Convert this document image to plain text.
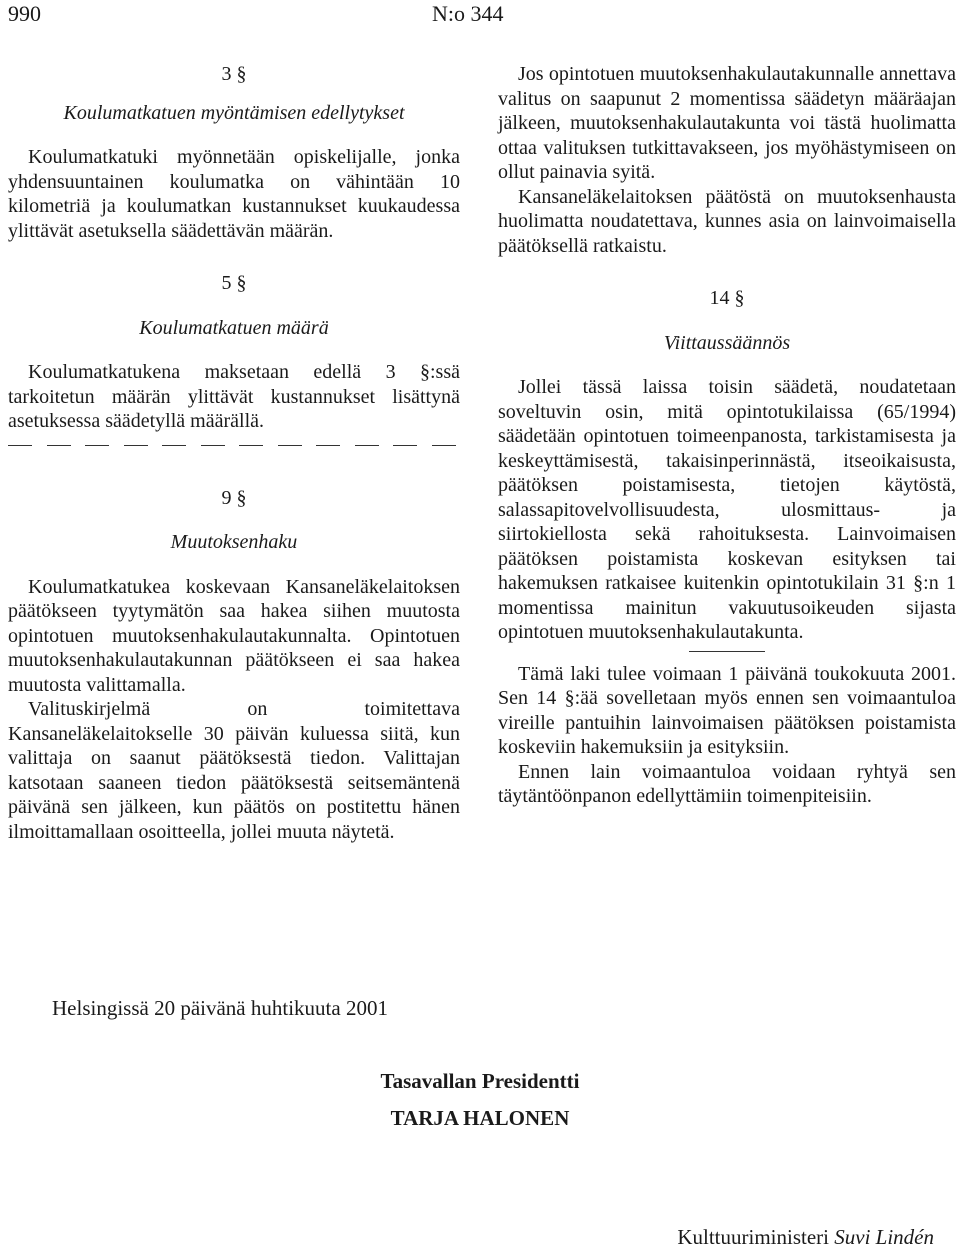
990	N:o 344
3 §
Koulumatkatuen myöntämisen edellytykset

Koulumatkatuki myönnetään opiskelijalle, jonka yhdensuuntainen koulumatka on vähintään 10 kilometriä ja koulumatkan kustannukset kuukaudessa ylittävät asetuksella säädettävän määrän.

5 §
Koulumatkatuen määrä

Koulumatkatukena maksetaan edellä 3 §:ssä tarkoitetun määrän ylittävät kustannukset lisättynä asetuksessa säädetyllä määrällä.

9 §
Muutoksenhaku

Koulumatkatukea koskevaan Kansaneläkelaitoksen päätökseen tyytymätön saa hakea siihen muutosta opintotuen muutoksenhakulautakunnalta. Opintotuen muutoksenhakulautakunnan päätökseen ei saa hakea muutosta valittamalla.

Valituskirjelmä on toimitettava Kansaneläkelaitokselle 30 päivän kuluessa siitä, kun valittaja on saanut päätöksestä tiedon. Valittajan katsotaan saaneen tiedon päätöksestä seitsemäntenä päivänä sen jälkeen, kun päätös on postitettu hänen ilmoittamallaan osoitteella, jollei muuta näytetä.

Jos opintotuen muutoksenhakulautakunnalle annettava valitus on saapunut 2 momentissa säädetyn määräajan jälkeen, muutoksenhakulautakunta voi tästä huolimatta ottaa valituksen tutkittavakseen, jos myöhästymiseen on ollut painavia syitä.

Kansaneläkelaitoksen päätöstä on muutoksenhausta huolimatta noudatettava, kunnes asia on lainvoimaisella päätöksellä ratkaistu.

14 §
Viittaussäännös

Jollei tässä laissa toisin säädetä, noudatetaan soveltuvin osin, mitä opintotukilaissa (65/1994) säädetään opintotuen toimeenpanosta, tarkistamisesta ja keskeyttämisestä, takaisinperinnästä, itseoikaisusta, päätöksen poistamisesta, tietojen käytöstä, salassapitovelvollisuudesta, ulosmittaus- ja siirtokiellosta sekä rahoituksesta. Lainvoimaisen päätöksen poistamista koskevan esityksen tai hakemuksen ratkaisee kuitenkin opintotukilain 31 §:n 1 momentissa mainitun vakuutusoikeuden sijasta opintotuen muutoksenhakulautakunta.

Tämä laki tulee voimaan 1 päivänä toukokuuta 2001. Sen 14 §:ää sovelletaan myös ennen sen voimaantuloa vireille pantuihin lainvoimaisen päätöksen poistamista koskeviin hakemuksiin ja esityksiin.

Ennen lain voimaantuloa voidaan ryhtyä sen täytäntöönpanon edellyttämiin toimenpiteisiin.

Helsingissä 20 päivänä huhtikuuta 2001
Tasavallan Presidentti
TARJA HALONEN
Kulttuuriministeri Suvi Lindén
